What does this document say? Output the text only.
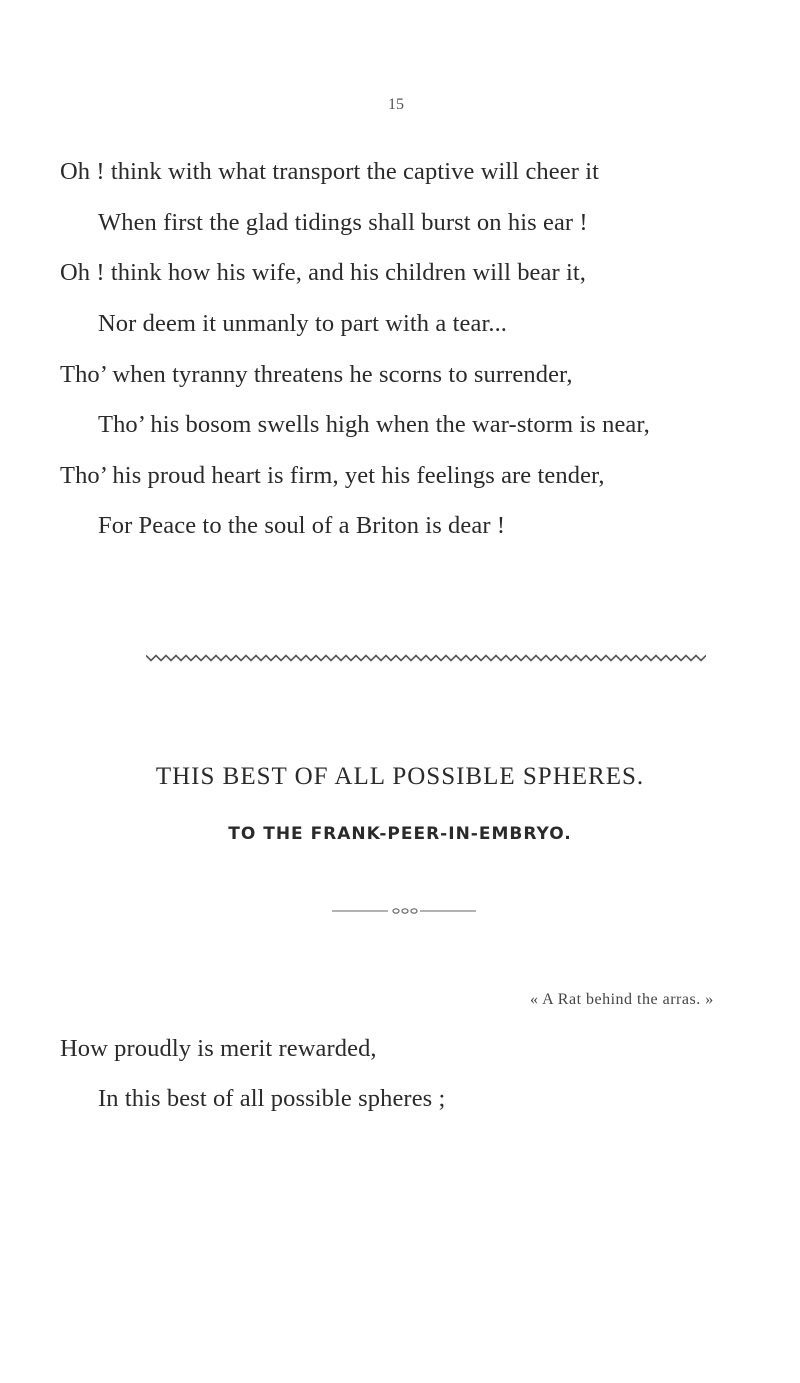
15
Oh ! think with what transport the captive will cheer it
When first the glad tidings shall burst on his ear !
Oh ! think how his wife, and his children will bear it,
Nor deem it unmanly to part with a tear...
Tho’ when tyranny threatens he scorns to surrender,
Tho’ his bosom swells high when the war-storm is near,
Tho’ his proud heart is firm, yet his feelings are tender,
For Peace to the soul of a Briton is dear !
THIS BEST OF ALL POSSIBLE SPHERES.
TO THE FRANK-PEER-IN-EMBRYO.
« A Rat behind the arras. »
How proudly is merit rewarded,
In this best of all possible spheres ;
